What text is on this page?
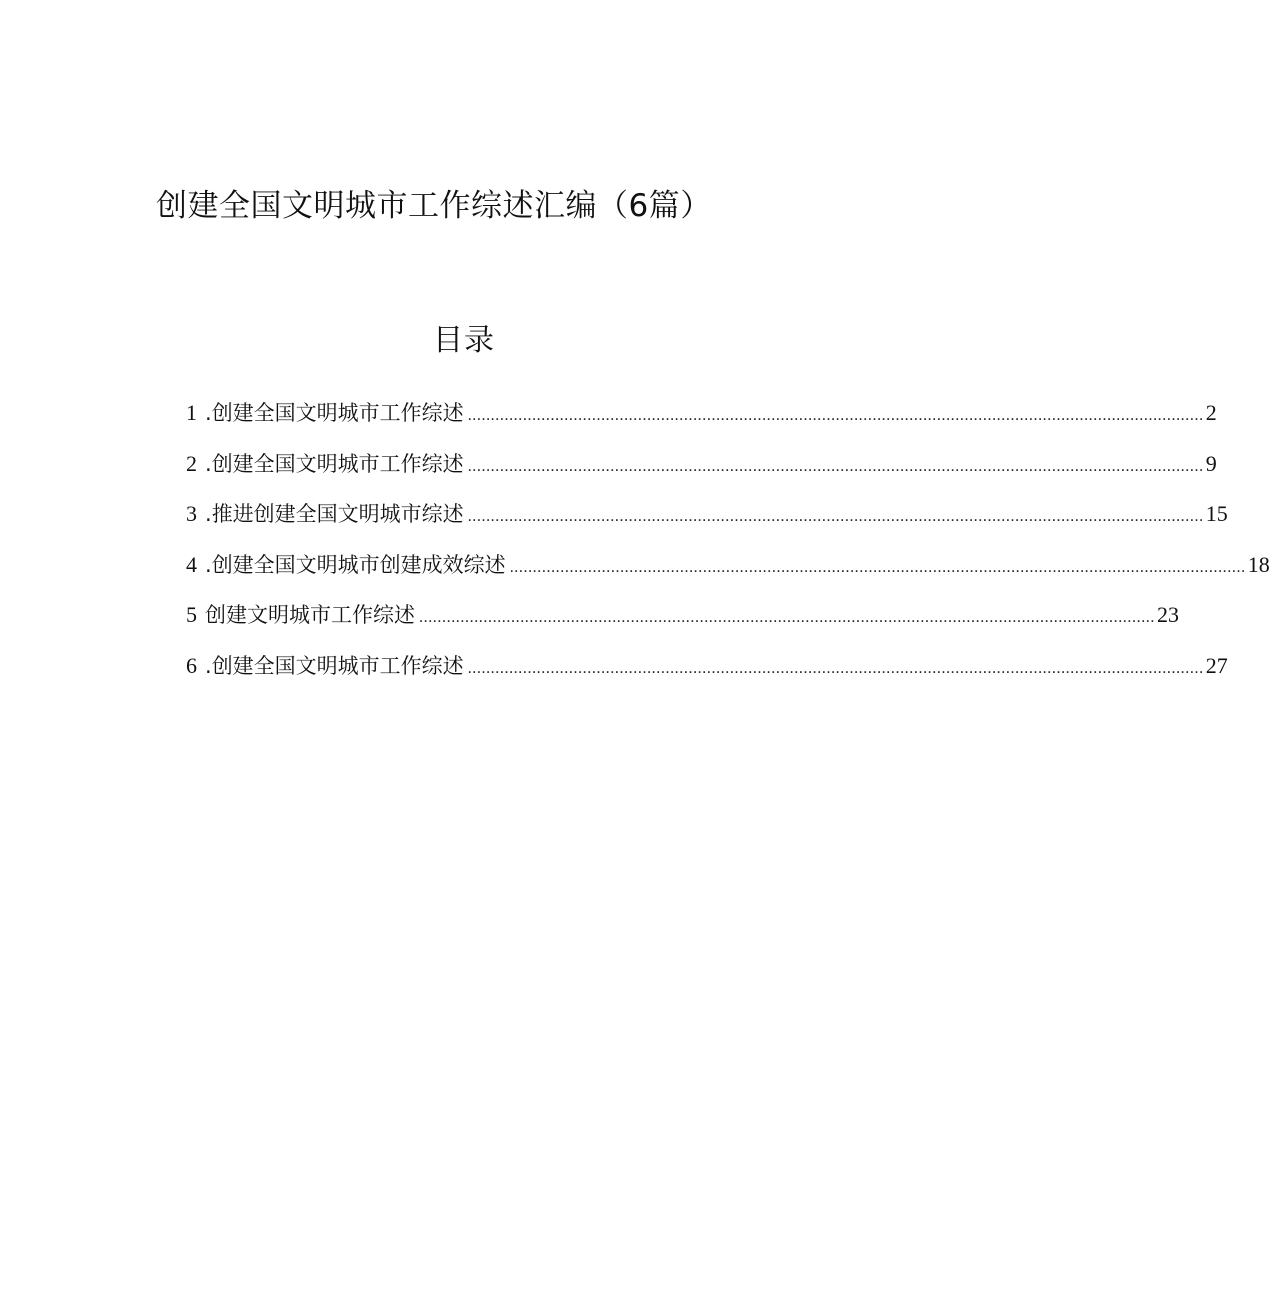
创建全国文明城市工作综述汇编（6篇）
目录
1 . 创建全国文明城市工作综述 ................................................................................................................................................................ 2
2 . 创建全国文明城市工作综述 ................................................................................................................................................................ 9
3 . 推进创建全国文明城市综述 ................................................................................................................................................................ 15
4 . 创建全国文明城市创建成效综述 ................................................................................................................................................................ 18
5 创建文明城市工作综述 ................................................................................................................................................................ 23
6 . 创建全国文明城市工作综述 ................................................................................................................................................................ 27
